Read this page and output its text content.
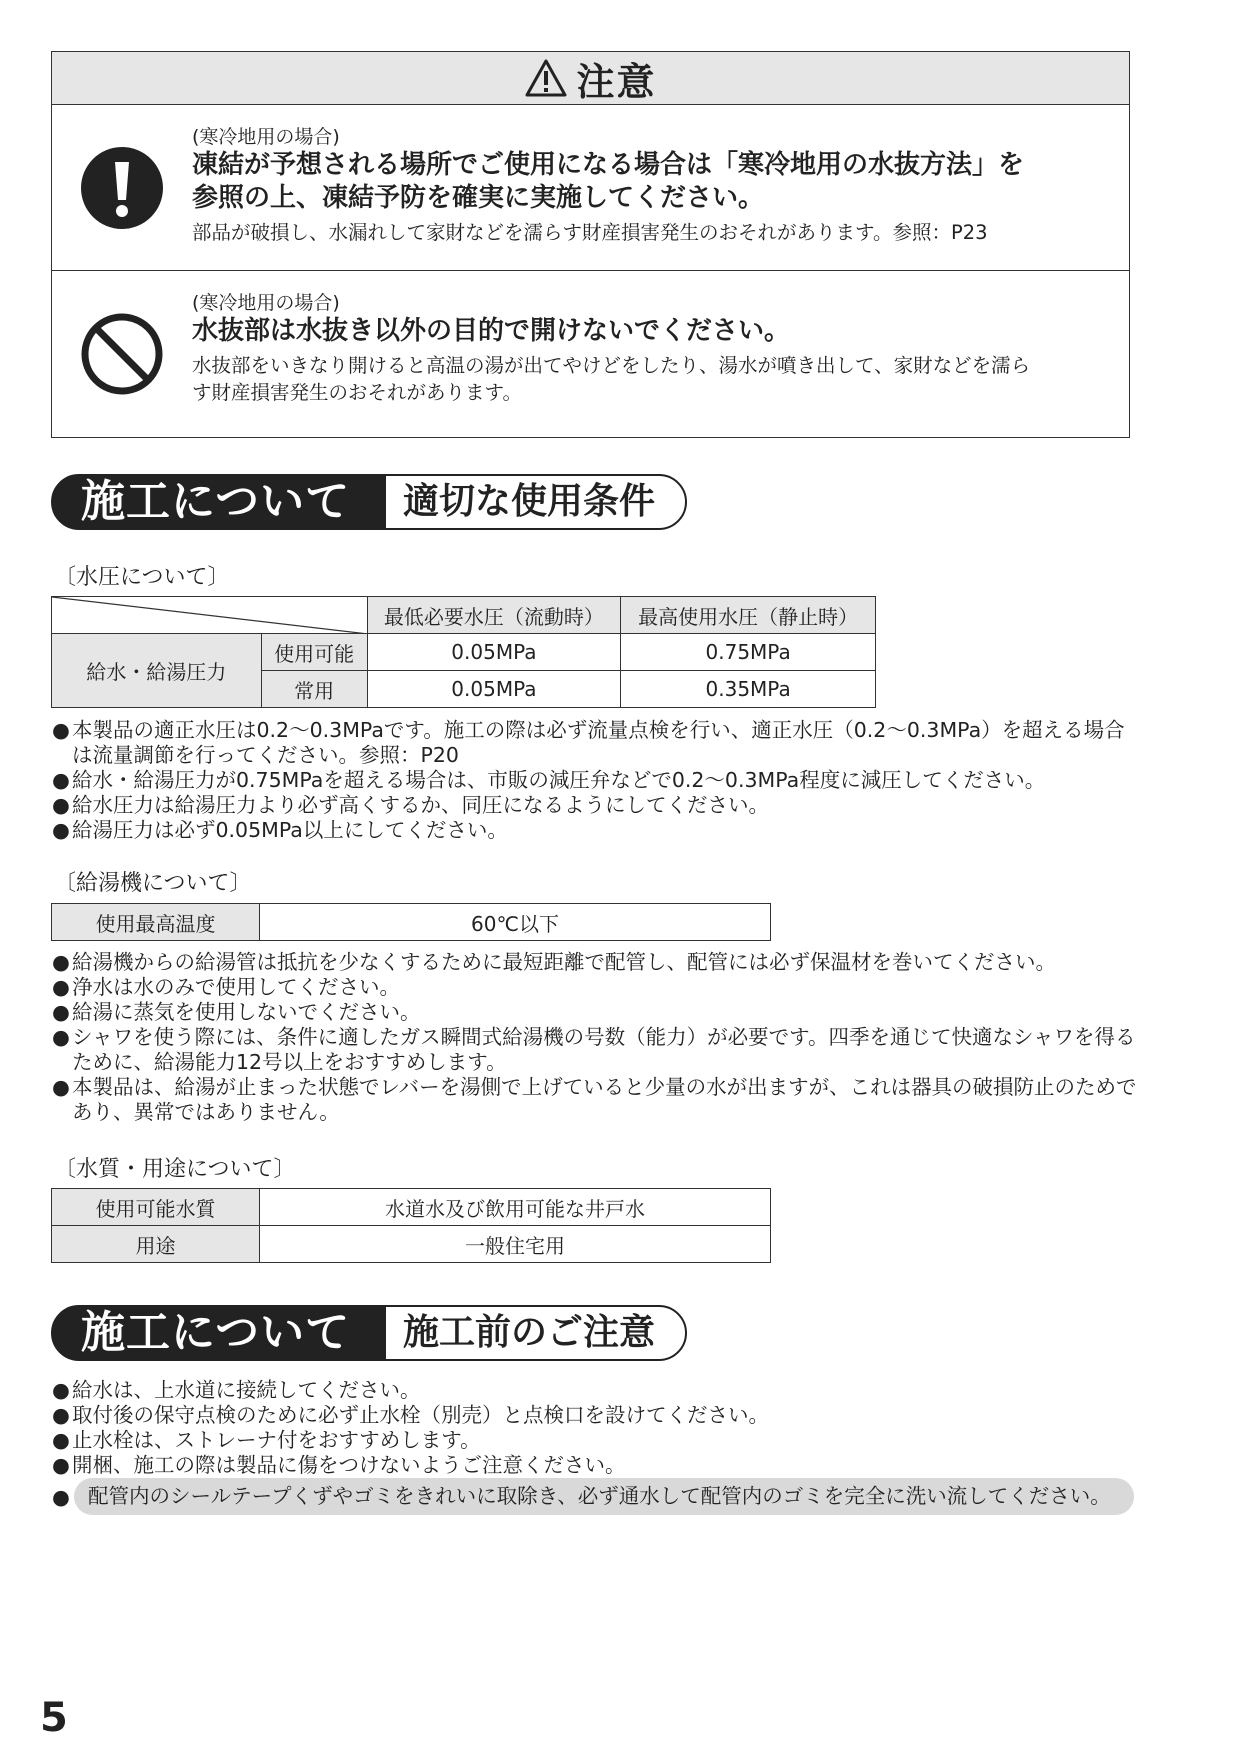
注意
(寒冷地用の場合)
凍結が予想される場所でご使用になる場合は「寒冷地用の水抜方法」を
参照の上、凍結予防を確実に実施してください。
部品が破損し、水漏れして家財などを濡らす財産損害発生のおそれがあります。参照：P23
(寒冷地用の場合)
水抜部は水抜き以外の目的で開けないでください。
水抜部をいきなり開けると高温の湯が出てやけどをしたり、湯水が噴き出して、家財などを濡ら
す財産損害発生のおそれがあります。
施工について 適切な使用条件
〔水圧について〕
	最低必要水圧（流動時）	最高使用水圧（静止時）
給水・給湯圧力	使用可能	0.05MPa	0.75MPa
	常用	0.05MPa	0.35MPa
● 本製品の適正水圧は0.2〜0.3MPaです。施工の際は必ず流量点検を行い、適正水圧（0.2〜0.3MPa）を超える場合は流量調節を行ってください。参照：P20
● 給水・給湯圧力が0.75MPaを超える場合は、市販の減圧弁などで0.2〜0.3MPa程度に減圧してください。
● 給水圧力は給湯圧力より必ず高くするか、同圧になるようにしてください。
● 給湯圧力は必ず0.05MPa以上にしてください。
〔給湯機について〕
使用最高温度	60℃以下
● 給湯機からの給湯管は抵抗を少なくするために最短距離で配管し、配管には必ず保温材を巻いてください。
● 浄水は水のみで使用してください。
● 給湯に蒸気を使用しないでください。
● シャワを使う際には、条件に適したガス瞬間式給湯機の号数（能力）が必要です。四季を通じて快適なシャワを得るために、給湯能力12号以上をおすすめします。
● 本製品は、給湯が止まった状態でレバーを湯側で上げていると少量の水が出ますが、これは器具の破損防止のためであり、異常ではありません。
〔水質・用途について〕
使用可能水質	水道水及び飲用可能な井戸水
用途	一般住宅用
施工について 施工前のご注意
● 給水は、上水道に接続してください。
● 取付後の保守点検のために必ず止水栓（別売）と点検口を設けてください。
● 止水栓は、ストレーナ付をおすすめします。
● 開梱、施工の際は製品に傷をつけないようご注意ください。
● 配管内のシールテープくずやゴミをきれいに取除き、必ず通水して配管内のゴミを完全に洗い流してください。
5
